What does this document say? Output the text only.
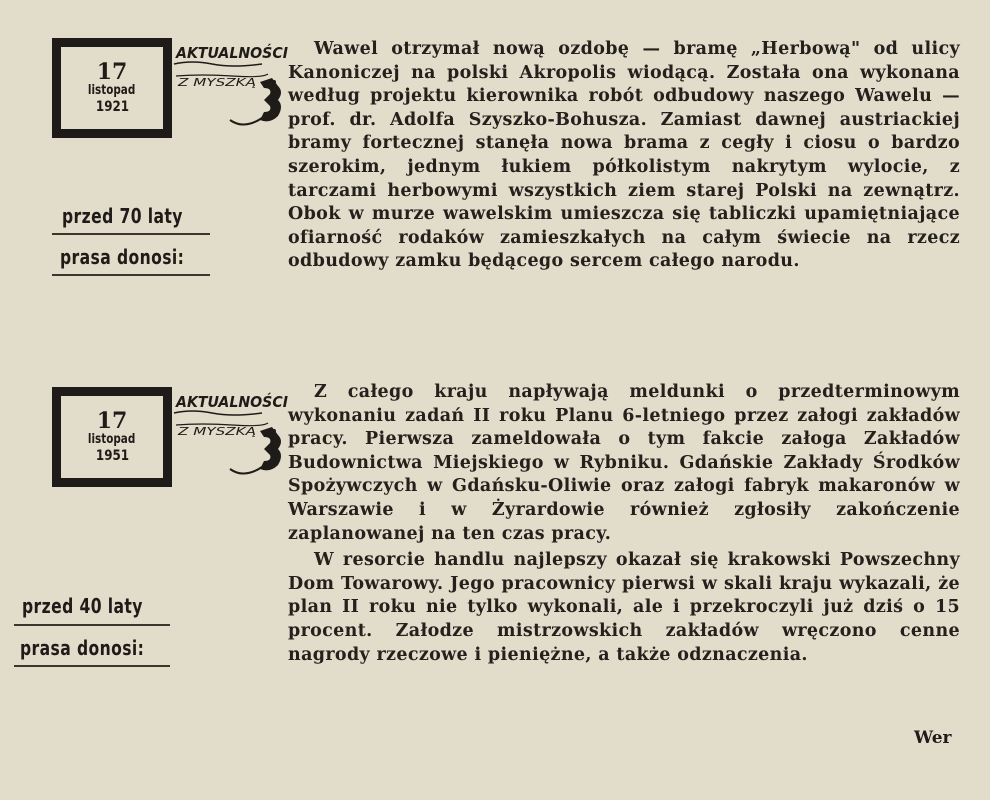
17
listopad
1921
AKTUALNOŚCI
Z MYSZKĄ
przed 70 laty
prasa donosi:

Wawel otrzymał nową ozdobę — bramę „Herbową" od ulicy Kanoniczej na polski Akropolis wiodącą. Została ona wykonana według projektu kierownika robót odbudowy naszego Wawelu — prof. dr. Adolfa Szyszko-Bohusza. Zamiast dawnej austriackiej bramy fortecznej stanęła nowa brama z cegły i ciosu o bardzo szerokim, jednym łukiem półkolistym nakrytym wylocie, z tarczami herbowymi wszystkich ziem starej Polski na zewnątrz. Obok w murze wawelskim umieszcza się tabliczki upamiętniające ofiarność rodaków zamieszkałych na całym świecie na rzecz odbudowy zamku będącego sercem całego narodu.

17
listopad
1951
AKTUALNOŚCI
Z MYSZKĄ
przed 40 laty
prasa donosi:

Z całego kraju napływają meldunki o przedterminowym wykonaniu zadań II roku Planu 6-letniego przez załogi zakładów pracy. Pierwsza zameldowała o tym fakcie załoga Zakładów Budownictwa Miejskiego w Rybniku. Gdańskie Zakłady Środków Spożywczych w Gdańsku-Oliwie oraz załogi fabryk makaronów w Warszawie i w Żyrardowie również zgłosiły zakończenie zaplanowanej na ten czas pracy.

W resorcie handlu najlepszy okazał się krakowski Powszechny Dom Towarowy. Jego pracownicy pierwsi w skali kraju wykazali, że plan II roku nie tylko wykonali, ale i przekroczyli już dziś o 15 procent. Załodze mistrzowskich zakładów wręczono cenne nagrody rzeczowe i pieniężne, a także odznaczenia.

Wer
